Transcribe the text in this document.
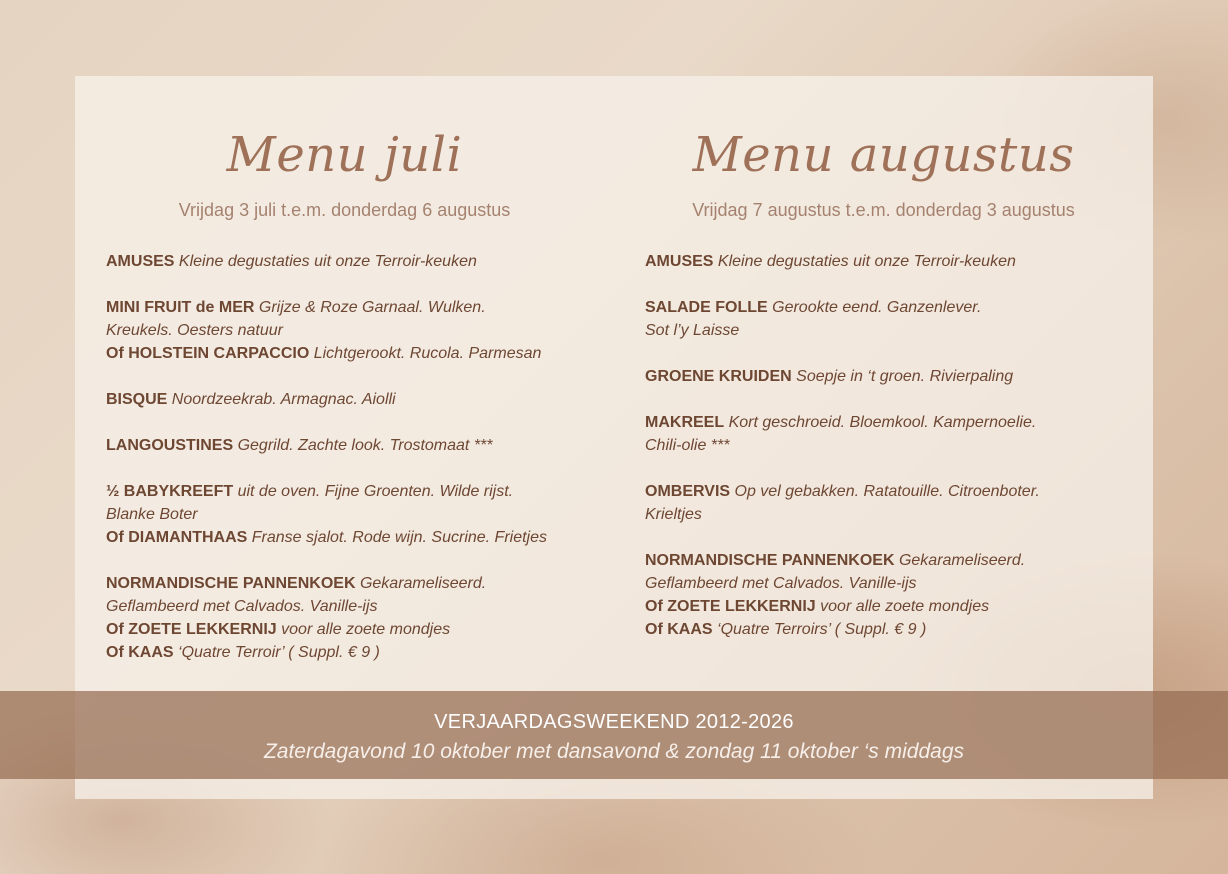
Menu juli
Vrijdag 3 juli t.e.m. donderdag 6 augustus
AMUSES Kleine degustaties uit onze Terroir-keuken
MINI FRUIT de MER Grijze & Roze Garnaal. Wulken.
Kreukels. Oesters natuur
Of HOLSTEIN CARPACCIO Lichtgerookt. Rucola. Parmesan
BISQUE Noordzeekrab. Armagnac. Aiolli
LANGOUSTINES Gegrild. Zachte look. Trostomaat ***
½ BABYKREEFT uit de oven. Fijne Groenten. Wilde rijst.
Blanke Boter
Of DIAMANTHAAS Franse sjalot. Rode wijn. Sucrine. Frietjes
NORMANDISCHE PANNENKOEK Gekarameliseerd.
Geflambeerd met Calvados. Vanille-ijs
Of ZOETE LEKKERNIJ voor alle zoete mondjes
Of KAAS ‘Quatre Terroir’ ( Suppl. € 9 )
Menu augustus
Vrijdag 7 augustus t.e.m. donderdag 3 augustus
AMUSES Kleine degustaties uit onze Terroir-keuken
SALADE FOLLE Gerookte eend. Ganzenlever.
Sot l’y Laisse
GROENE KRUIDEN Soepje in ‘t groen. Rivierpaling
MAKREEL Kort geschroeid. Bloemkool. Kampernoelie.
Chili-olie ***
OMBERVIS Op vel gebakken. Ratatouille. Citroenboter.
Krieltjes
NORMANDISCHE PANNENKOEK Gekarameliseerd.
Geflambeerd met Calvados. Vanille-ijs
Of ZOETE LEKKERNIJ voor alle zoete mondjes
Of KAAS ‘Quatre Terroirs’ ( Suppl. € 9 )
VERJAARDAGSWEEKEND 2012-2026
Zaterdagavond 10 oktober met dansavond & zondag 11 oktober ‘s middags
